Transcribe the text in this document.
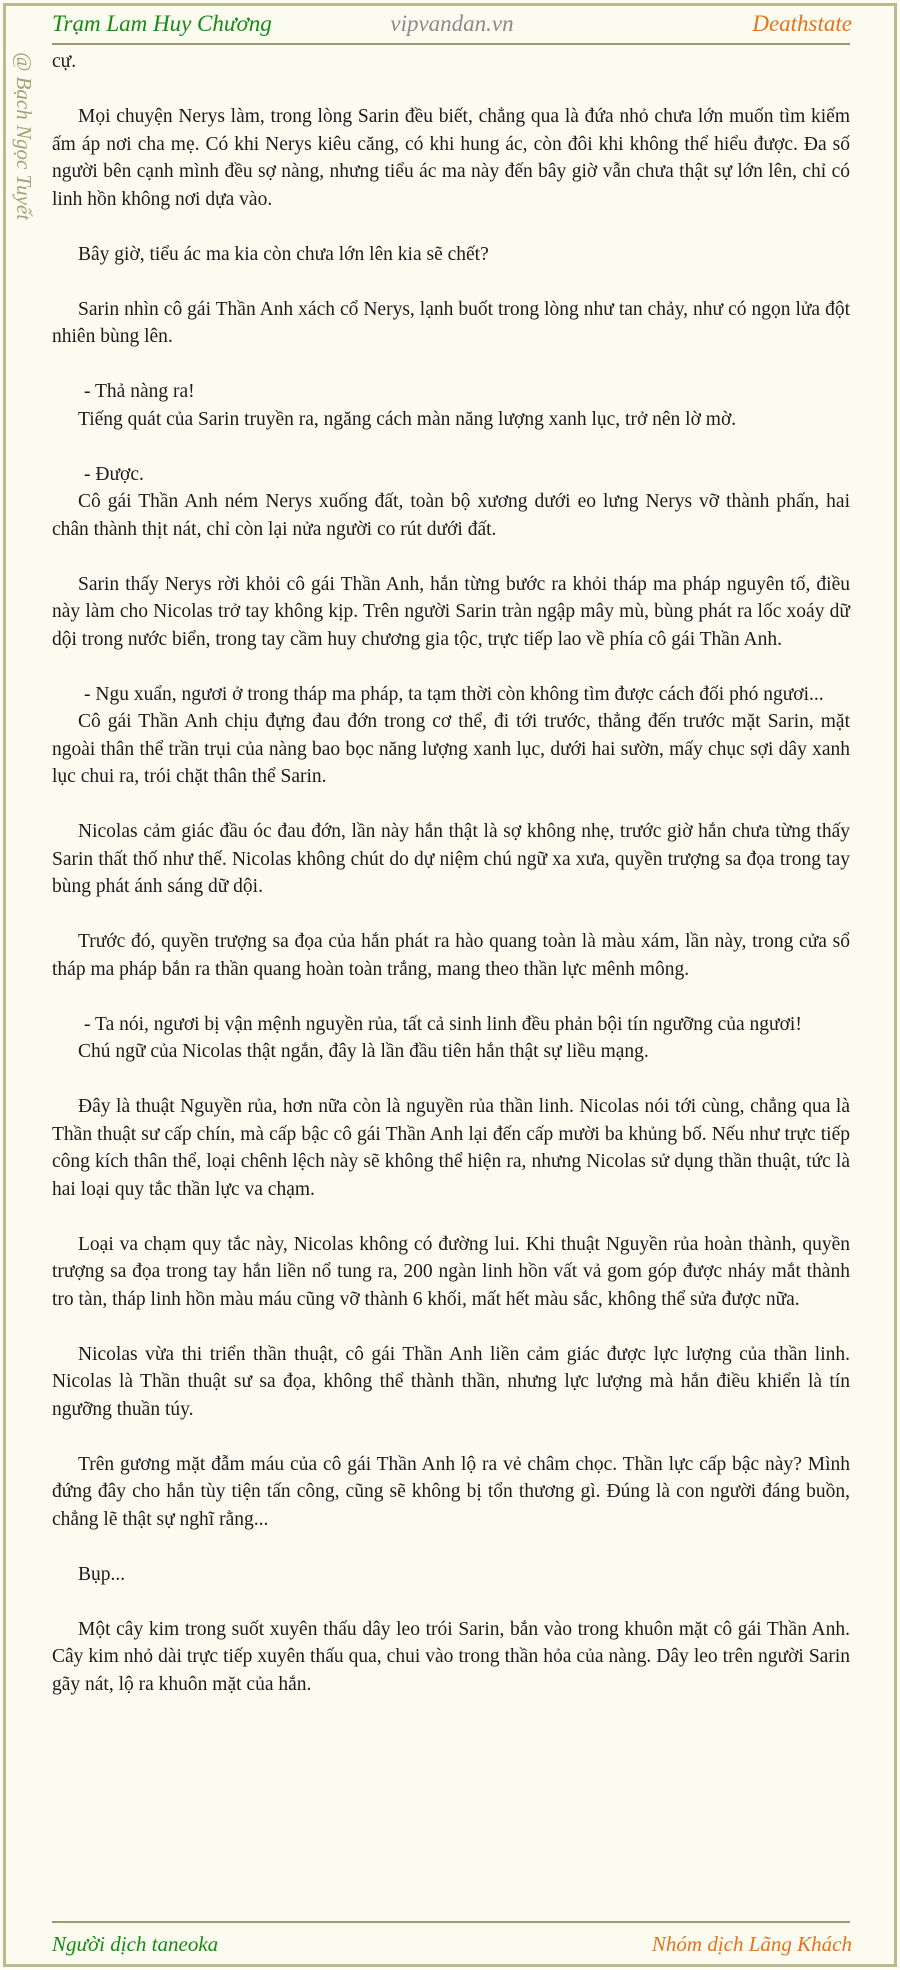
Trạm Lam Huy Chương	vipvandan.vn	Deathstate
@ Bạch Ngọc Tuyết cự.

Mọi chuyện Nerys làm, trong lòng Sarin đều biết, chẳng qua là đứa nhỏ chưa lớn muốn tìm kiếm ấm áp nơi cha mẹ. Có khi Nerys kiêu căng, có khi hung ác, còn đôi khi không thể hiểu được. Đa số người bên cạnh mình đều sợ nàng, nhưng tiểu ác ma này đến bây giờ vẫn chưa thật sự lớn lên, chỉ có linh hồn không nơi dựa vào.

Bây giờ, tiểu ác ma kia còn chưa lớn lên kia sẽ chết?

Sarin nhìn cô gái Thần Anh xách cổ Nerys, lạnh buốt trong lòng như tan chảy, như có ngọn lửa đột nhiên bùng lên.

- Thả nàng ra!

Tiếng quát của Sarin truyền ra, ngăng cách màn năng lượng xanh lục, trở nên lờ mờ.

- Được.

Cô gái Thần Anh ném Nerys xuống đất, toàn bộ xương dưới eo lưng Nerys vỡ thành phấn, hai chân thành thịt nát, chỉ còn lại nửa người co rút dưới đất.

Sarin thấy Nerys rời khỏi cô gái Thần Anh, hắn từng bước ra khỏi tháp ma pháp nguyên tố, điều này làm cho Nicolas trở tay không kịp. Trên người Sarin tràn ngập mây mù, bùng phát ra lốc xoáy dữ dội trong nước biển, trong tay cầm huy chương gia tộc, trực tiếp lao về phía cô gái Thần Anh.

- Ngu xuẩn, ngươi ở trong tháp ma pháp, ta tạm thời còn không tìm được cách đối phó ngươi...

Cô gái Thần Anh chịu đựng đau đớn trong cơ thể, đi tới trước, thẳng đến trước mặt Sarin, mặt ngoài thân thể trần trụi của nàng bao bọc năng lượng xanh lục, dưới hai sườn, mấy chục sợi dây xanh lục chui ra, trói chặt thân thể Sarin.

Nicolas cảm giác đầu óc đau đớn, lần này hắn thật là sợ không nhẹ, trước giờ hắn chưa từng thấy Sarin thất thố như thế. Nicolas không chút do dự niệm chú ngữ xa xưa, quyền trượng sa đọa trong tay bùng phát ánh sáng dữ dội.

Trước đó, quyền trượng sa đọa của hắn phát ra hào quang toàn là màu xám, lần này, trong cửa sổ tháp ma pháp bắn ra thần quang hoàn toàn trắng, mang theo thần lực mênh mông.

- Ta nói, ngươi bị vận mệnh nguyền rủa, tất cả sinh linh đều phản bội tín ngưỡng của ngươi!

Chú ngữ của Nicolas thật ngắn, đây là lần đầu tiên hắn thật sự liều mạng.

Đây là thuật Nguyền rủa, hơn nữa còn là nguyền rủa thần linh. Nicolas nói tới cùng, chẳng qua là Thần thuật sư cấp chín, mà cấp bậc cô gái Thần Anh lại đến cấp mười ba khủng bố. Nếu như trực tiếp công kích thân thể, loại chênh lệch này sẽ không thể hiện ra, nhưng Nicolas sử dụng thần thuật, tức là hai loại quy tắc thần lực va chạm.

Loại va chạm quy tắc này, Nicolas không có đường lui. Khi thuật Nguyền rủa hoàn thành, quyền trượng sa đọa trong tay hắn liền nổ tung ra, 200 ngàn linh hồn vất vả gom góp được nháy mắt thành tro tàn, tháp linh hồn màu máu cũng vỡ thành 6 khối, mất hết màu sắc, không thể sửa được nữa.

Nicolas vừa thi triển thần thuật, cô gái Thần Anh liền cảm giác được lực lượng của thần linh. Nicolas là Thần thuật sư sa đọa, không thể thành thần, nhưng lực lượng mà hắn điều khiển là tín ngưỡng thuần túy.

Trên gương mặt đẫm máu của cô gái Thần Anh lộ ra vẻ châm chọc. Thần lực cấp bậc này? Mình đứng đây cho hắn tùy tiện tấn công, cũng sẽ không bị tổn thương gì. Đúng là con người đáng buồn, chẳng lẽ thật sự nghĩ rằng...

Bụp...

Một cây kim trong suốt xuyên thấu dây leo trói Sarin, bắn vào trong khuôn mặt cô gái Thần Anh. Cây kim nhỏ dài trực tiếp xuyên thấu qua, chui vào trong thần hỏa của nàng. Dây leo trên người Sarin gãy nát, lộ ra khuôn mặt của hắn.

Người dịch taneoka	Nhóm dịch Lãng Khách
